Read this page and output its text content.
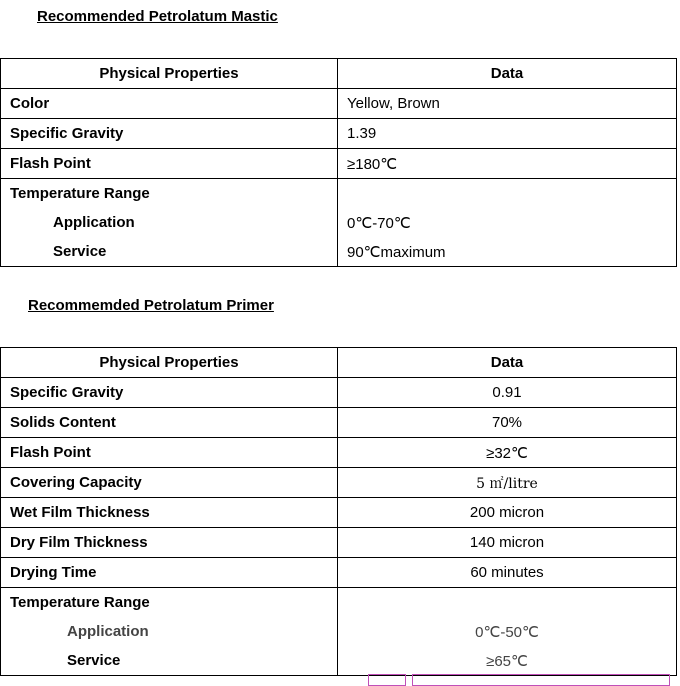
Recommended Petrolatum Mastic
Physical Properties	Data
Color	Yellow, Brown
Specific Gravity	1.39
Flash Point	≥180℃
Temperature Range	
Application	0℃-70℃
Service	90℃maximum
Recommemded Petrolatum Primer
Physical Properties	Data
Specific Gravity	0.91
Solids Content	70%
Flash Point	≥32℃
Covering Capacity	5 ㎡/litre
Wet Film Thickness	200 micron
Dry Film Thickness	140 micron
Drying Time	60 minutes
Temperature Range	
Application	0℃-50℃
Service	≥65℃
